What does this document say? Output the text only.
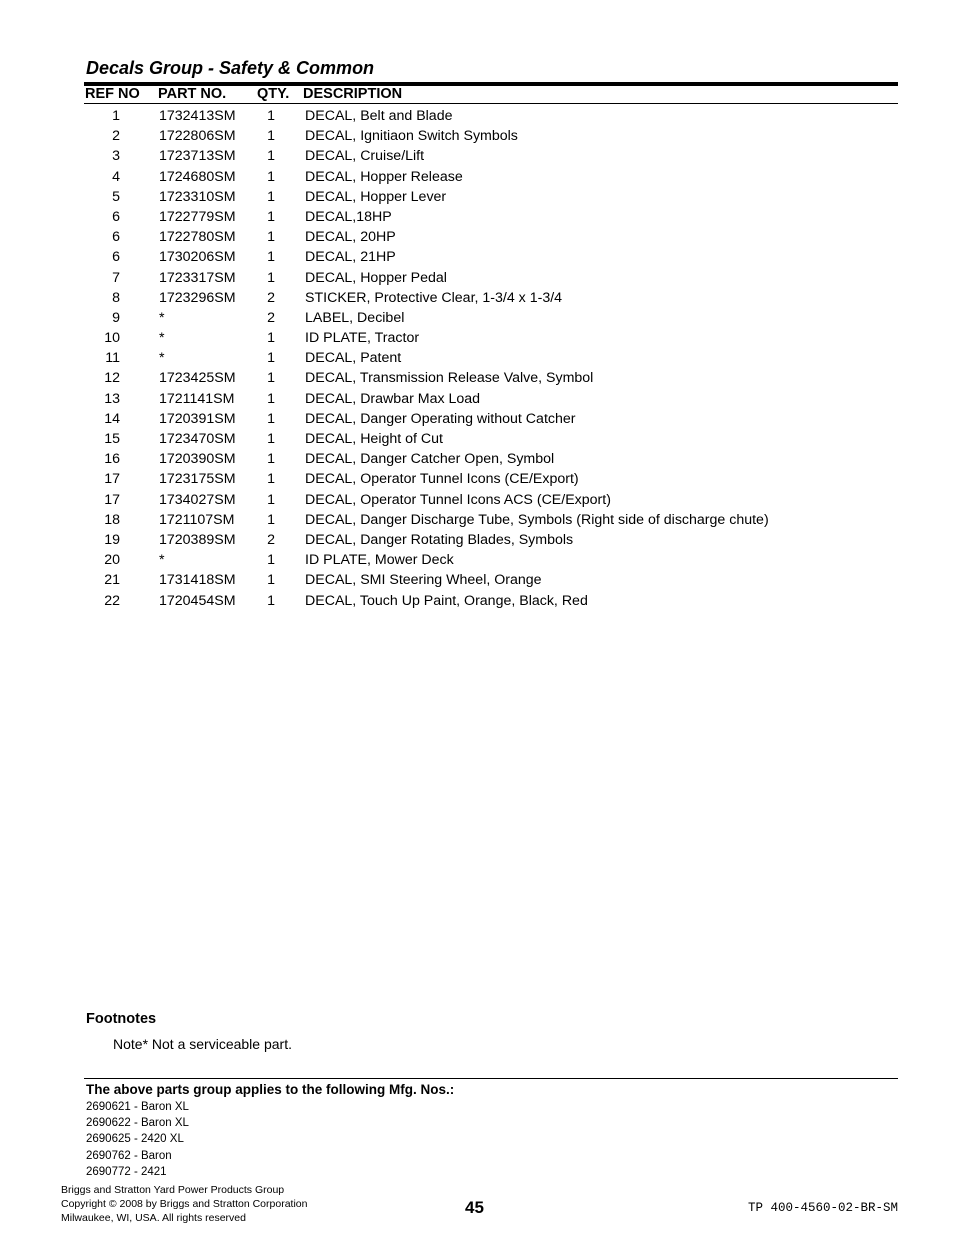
Decals Group - Safety & Common
REF NO PART NO. QTY. DESCRIPTION
1	1732413SM	1 DECAL, Belt and Blade
2	1722806SM	1 DECAL, Ignitiaon Switch Symbols
3	1723713SM	1 DECAL, Cruise/Lift
4	1724680SM	1 DECAL, Hopper Release
5	1723310SM	1 DECAL, Hopper Lever
6	1722779SM	1 DECAL,18HP
6	1722780SM	1 DECAL, 20HP
6	1730206SM	1 DECAL, 21HP
7	1723317SM	1 DECAL, Hopper Pedal
8	1723296SM	2 STICKER, Protective Clear, 1-3/4 x 1-3/4
9	*	2 LABEL, Decibel
10	*	1 ID PLATE, Tractor
11	*	1 DECAL, Patent
12	1723425SM	1 DECAL, Transmission Release Valve, Symbol
13	1721141SM	1 DECAL, Drawbar Max Load
14	1720391SM	1 DECAL, Danger Operating without Catcher
15	1723470SM	1 DECAL, Height of Cut
16	1720390SM	1 DECAL, Danger Catcher Open, Symbol
17	1723175SM	1 DECAL, Operator Tunnel Icons (CE/Export)
17	1734027SM	1 DECAL, Operator Tunnel Icons ACS (CE/Export)
18	1721107SM	1 DECAL, Danger Discharge Tube, Symbols (Right side of discharge chute)
19	1720389SM	2 DECAL, Danger Rotating Blades, Symbols
20	*	1 ID PLATE, Mower Deck
21	1731418SM	1 DECAL, SMI Steering Wheel, Orange
22	1720454SM	1 DECAL, Touch Up Paint, Orange, Black, Red
Footnotes
Note* Not a serviceable part.
The above parts group applies to the following Mfg. Nos.:
2690621 - Baron XL
2690622 - Baron XL
2690625 - 2420 XL
2690762 - Baron
2690772 - 2421
Briggs and Stratton Yard Power Products Group
Copyright © 2008 by Briggs and Stratton Corporation
Milwaukee, WI, USA. All rights reserved
45	TP 400-4560-02-BR-SM
